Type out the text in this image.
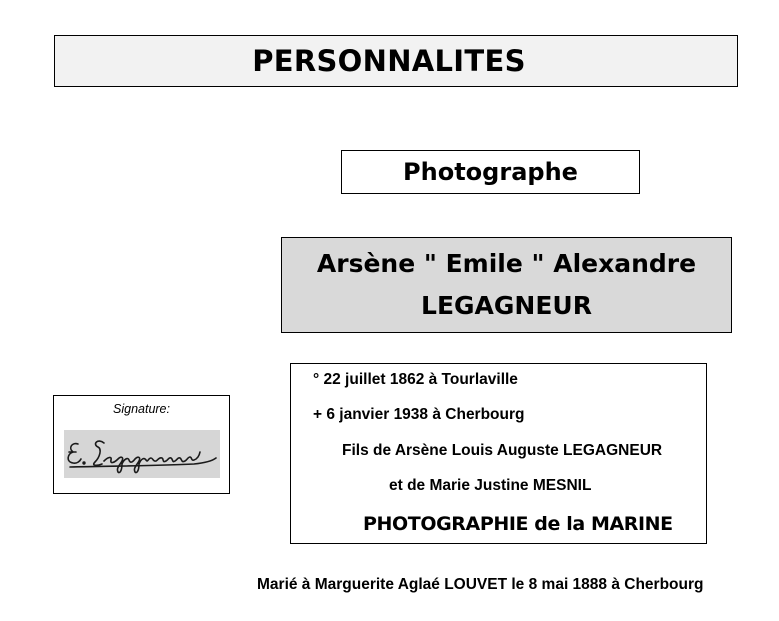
PERSONNALITES
Photographe
Arsène " Emile " Alexandre
LEGAGNEUR
° 22 juillet 1862 à Tourlaville
+ 6 janvier 1938 à Cherbourg
Fils de Arsène Louis Auguste LEGAGNEUR
et de Marie Justine MESNIL
PHOTOGRAPHIE de la MARINE
Signature:
Marié à Marguerite Aglaé LOUVET le 8 mai 1888 à Cherbourg
